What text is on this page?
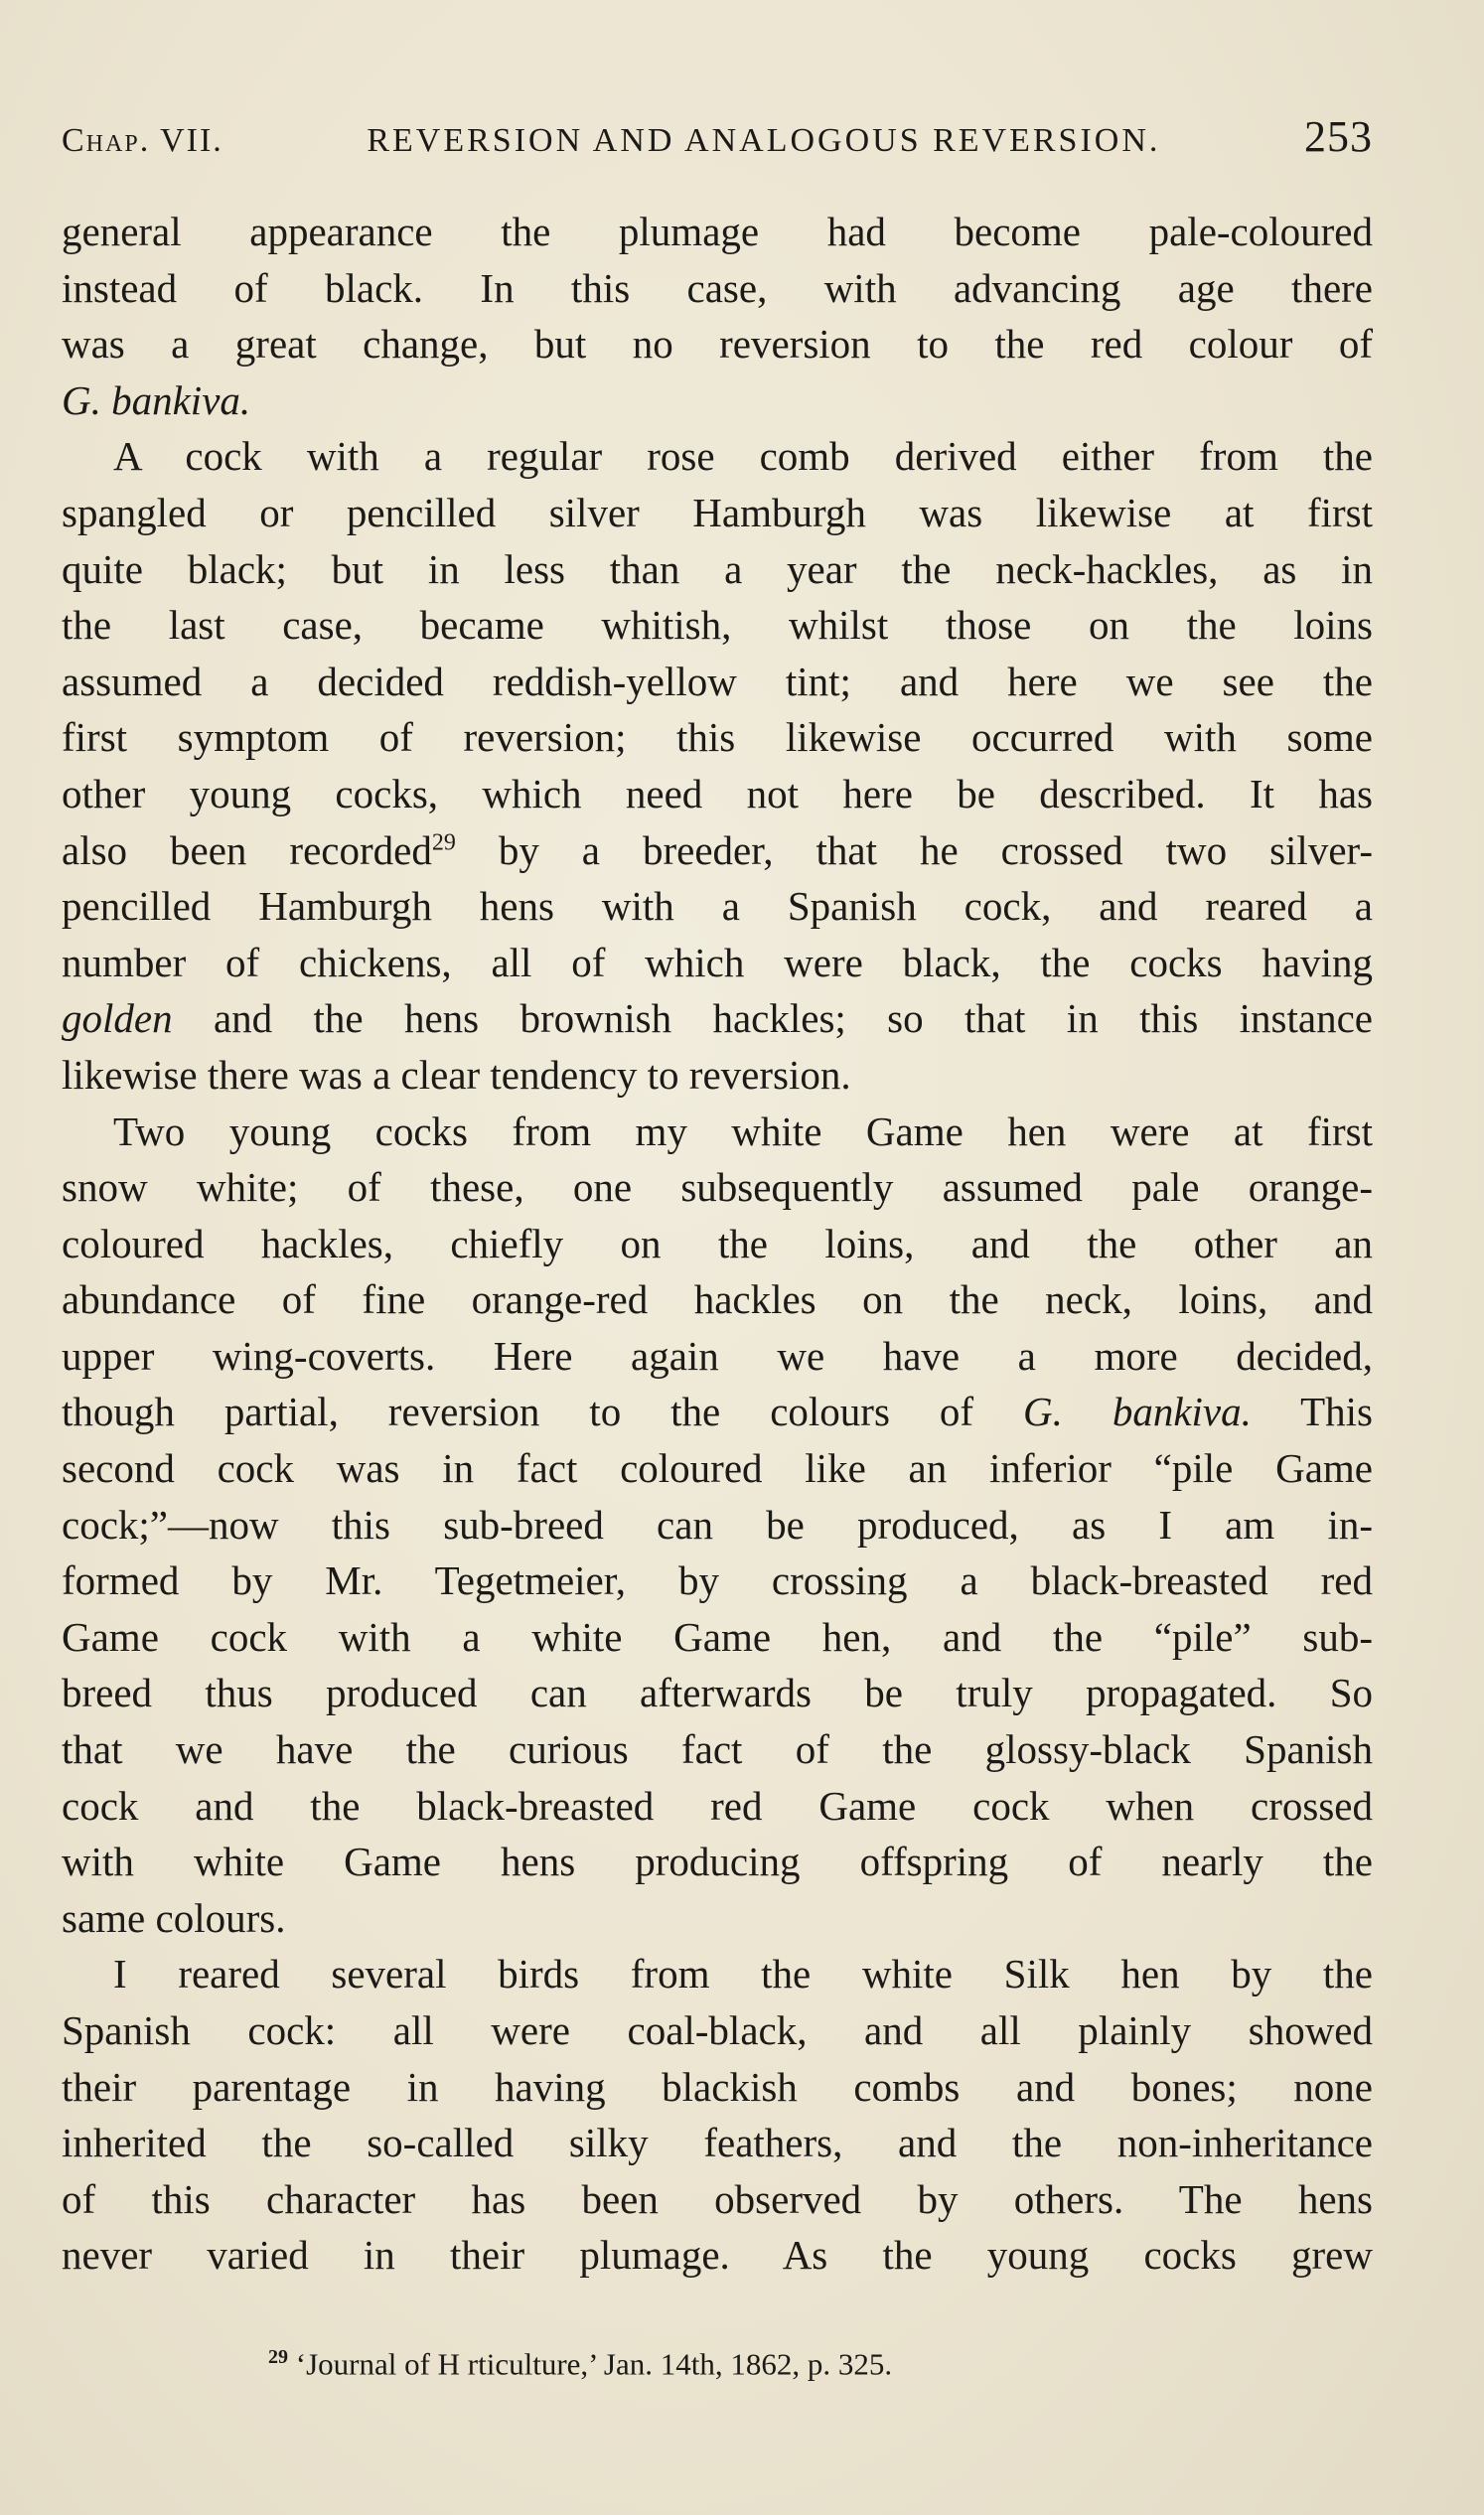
Chap. VII.	REVERSION AND ANALOGOUS REVERSION.	253
general appearance the plumage had become pale-coloured
instead of black. In this case, with advancing age there
was a great change, but no reversion to the red colour of
G. bankiva.
A cock with a regular rose comb derived either from the
spangled or pencilled silver Hamburgh was likewise at first
quite black; but in less than a year the neck-hackles, as in
the last case, became whitish, whilst those on the loins
assumed a decided reddish-yellow tint; and here we see the
first symptom of reversion; this likewise occurred with some
other young cocks, which need not here be described. It has
also been recorded$^{29}$ by a breeder, that he crossed two silver-
pencilled Hamburgh hens with a Spanish cock, and reared a
number of chickens, all of which were black, the cocks having
golden and the hens brownish hackles; so that in this instance
likewise there was a clear tendency to reversion.
Two young cocks from my white Game hen were at first
snow white; of these, one subsequently assumed pale orange-
coloured hackles, chiefly on the loins, and the other an
abundance of fine orange-red hackles on the neck, loins, and
upper wing-coverts. Here again we have a more decided,
though partial, reversion to the colours of G. bankiva. This
second cock was in fact coloured like an inferior “pile Game
cock;”—now this sub-breed can be produced, as I am in-
formed by Mr. Tegetmeier, by crossing a black-breasted red
Game cock with a white Game hen, and the “pile” sub-
breed thus produced can afterwards be truly propagated. So
that we have the curious fact of the glossy-black Spanish
cock and the black-breasted red Game cock when crossed
with white Game hens producing offspring of nearly the
same colours.
I reared several birds from the white Silk hen by the
Spanish cock: all were coal-black, and all plainly showed
their parentage in having blackish combs and bones; none
inherited the so-called silky feathers, and the non-inheritance
of this character has been observed by others. The hens
never varied in their plumage. As the young cocks grew
$^{29}$ ‘Journal of H rticulture,’ Jan. 14th, 1862, p. 325.
